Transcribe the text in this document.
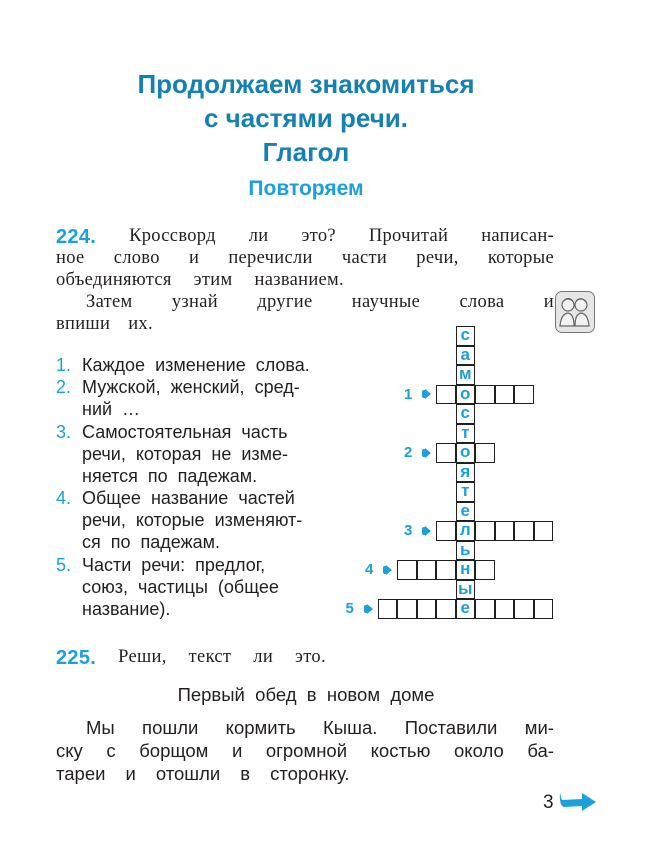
Продолжаем знакомиться
с частями речи.
Глагол
Повторяем
224. Кроссворд ли это? Прочитай написан-
ное слово и перечисли части речи, которые
объединяются этим названием.
Затем узнай другие научные слова и
впиши их.
1. Каждое  изменение  слова.
2. Мужской,  женский,  сред-
ний  …
3. Самостоятельная  часть
речи,  которая  не  изме-
няется  по  падежам.
4. Общее  название  частей
речи,  которые  изменяют-
ся  по  падежам.
5. Части  речи:  предлог,
союз,  частицы  (общее
название).
с
а
м
о
с
т
о
я
т
е
л
ь
н
ы
е
1
2
3
4
5
225. Реши, текст ли это.
Первый  обед  в  новом  доме
Мы пошли кормить Кыша. Поставили ми-
ску с борщом и огромной костью около ба-
тареи и отошли в сторонку.
3
